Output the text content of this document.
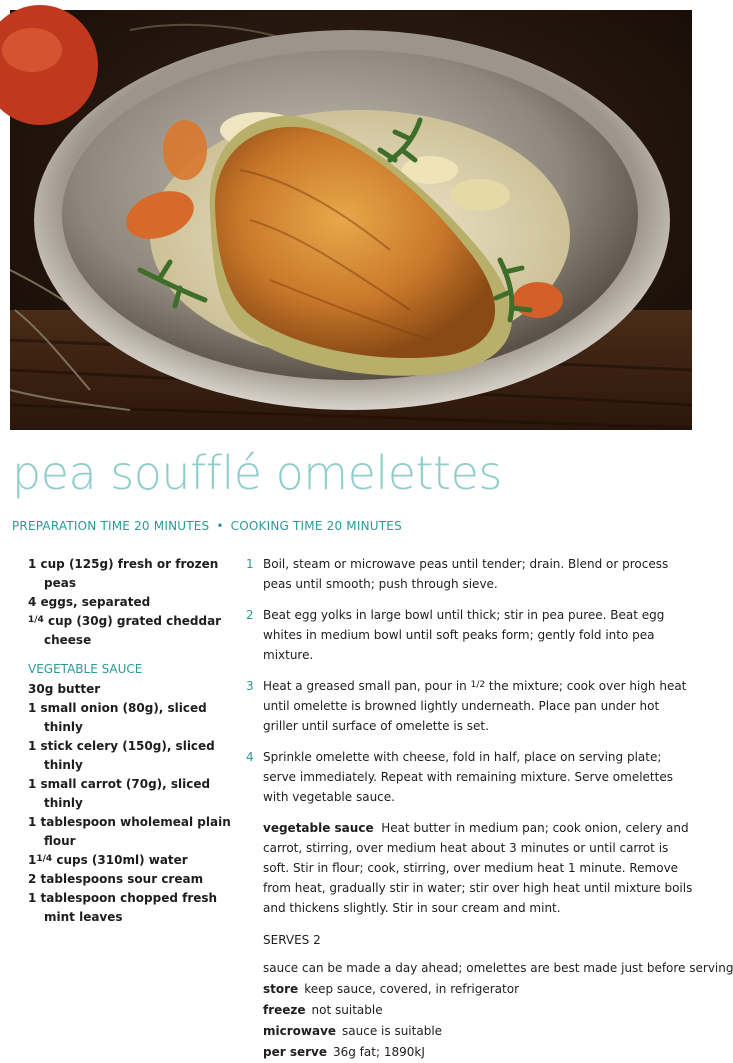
pea soufflé omelettes
PREPARATION TIME 20 MINUTES • COOKING TIME 20 MINUTES
1 cup (125g) fresh or frozen peas
4 eggs, separated
$^{1/4}$ cup (30g) grated cheddar cheese
VEGETABLE SAUCE
30g butter
1 small onion (80g), sliced thinly
1 stick celery (150g), sliced thinly
1 small carrot (70g), sliced thinly
1 tablespoon wholemeal plain flour
$1^{1/4}$ cups (310ml) water
2 tablespoons sour cream
1 tablespoon chopped fresh mint leaves
1 Boil, steam or microwave peas until tender; drain. Blend or process peas until smooth; push through sieve.
2 Beat egg yolks in large bowl until thick; stir in pea puree. Beat egg whites in medium bowl until soft peaks form; gently fold into pea mixture.
3 Heat a greased small pan, pour in $^{1/2}$ the mixture; cook over high heat until omelette is browned lightly underneath. Place pan under hot griller until surface of omelette is set.
4 Sprinkle omelette with cheese, fold in half, place on serving plate; serve immediately. Repeat with remaining mixture. Serve omelettes with vegetable sauce.
vegetable sauce Heat butter in medium pan; cook onion, celery and carrot, stirring, over medium heat about 3 minutes or until carrot is soft. Stir in flour; cook, stirring, over medium heat 1 minute. Remove from heat, gradually stir in water; stir over high heat until mixture boils and thickens slightly. Stir in sour cream and mint.
SERVES 2
sauce can be made a day ahead; omelettes are best made just before serving
store keep sauce, covered, in refrigerator
freeze not suitable
microwave sauce is suitable
per serve 36g fat; 1890kJ
